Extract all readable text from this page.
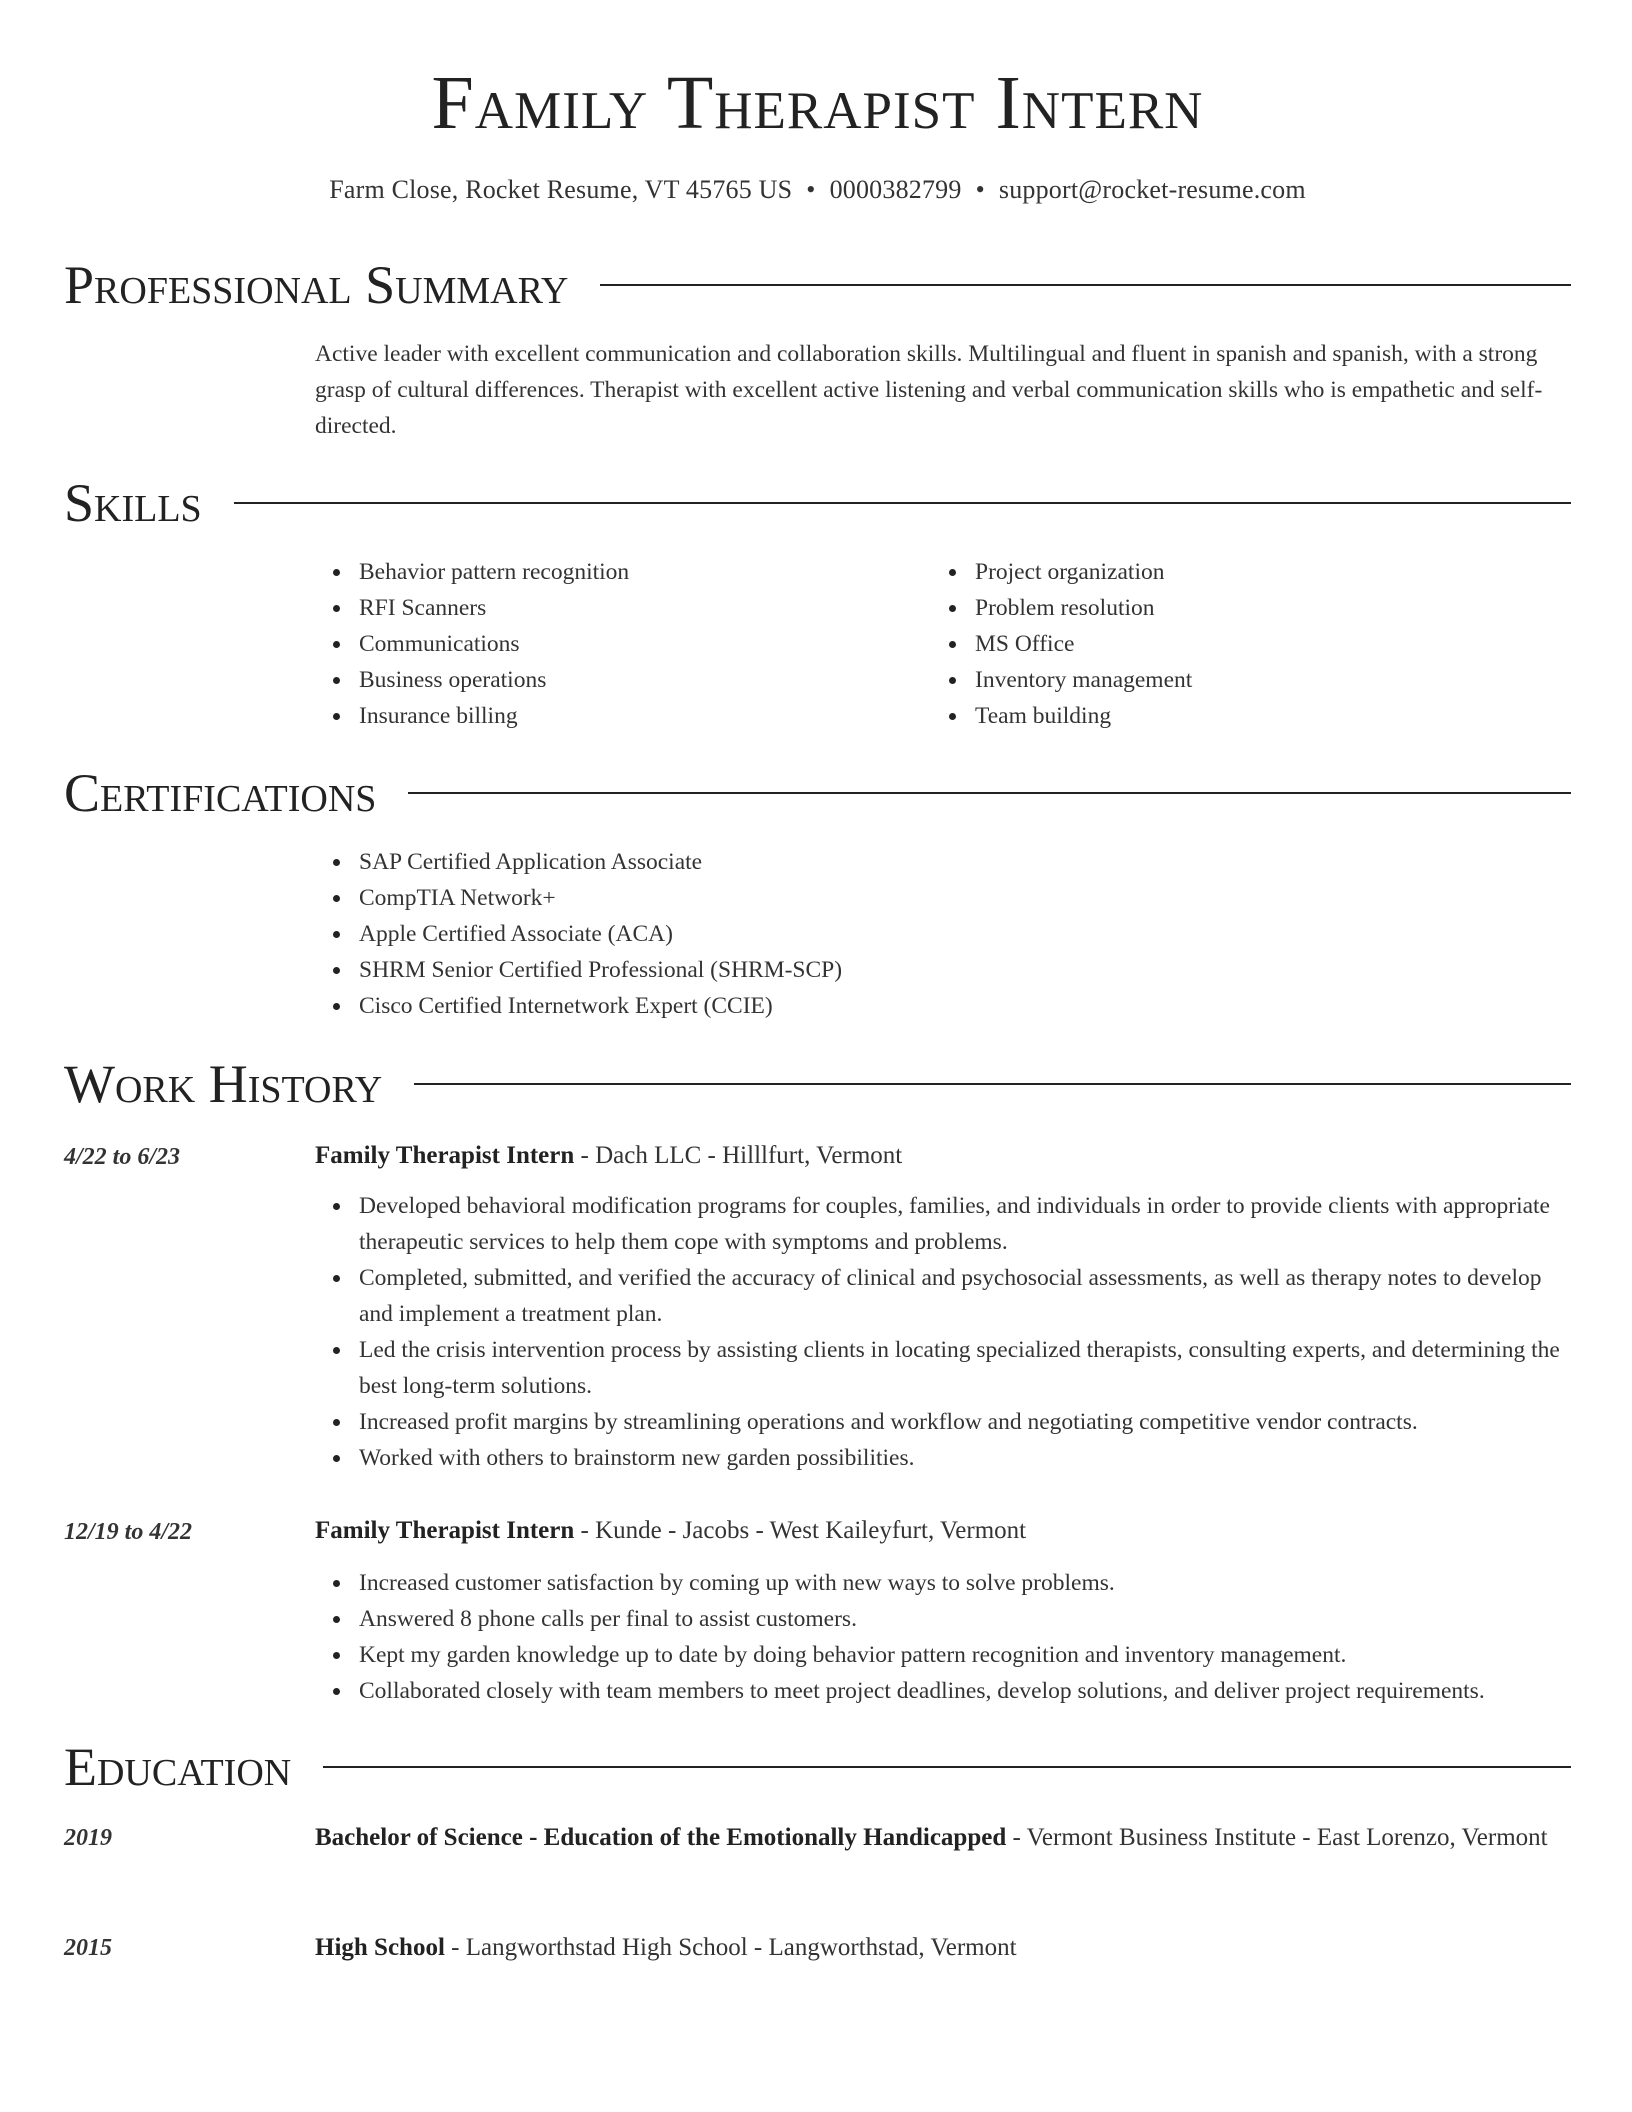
Family Therapist Intern
Farm Close, Rocket Resume, VT 45765 US • 0000382799 • support@rocket-resume.com
Professional Summary
Active leader with excellent communication and collaboration skills. Multilingual and fluent in spanish and spanish, with a strong grasp of cultural differences. Therapist with excellent active listening and verbal communication skills who is empathetic and self-directed.
Skills
Behavior pattern recognition
RFI Scanners
Communications
Business operations
Insurance billing
Project organization
Problem resolution
MS Office
Inventory management
Team building
Certifications
SAP Certified Application Associate
CompTIA Network+
Apple Certified Associate (ACA)
SHRM Senior Certified Professional (SHRM-SCP)
Cisco Certified Internetwork Expert (CCIE)
Work History
4/22 to 6/23	Family Therapist Intern - Dach LLC - Hilllfurt, Vermont
Developed behavioral modification programs for couples, families, and individuals in order to provide clients with appropriate therapeutic services to help them cope with symptoms and problems.
Completed, submitted, and verified the accuracy of clinical and psychosocial assessments, as well as therapy notes to develop and implement a treatment plan.
Led the crisis intervention process by assisting clients in locating specialized therapists, consulting experts, and determining the best long-term solutions.
Increased profit margins by streamlining operations and workflow and negotiating competitive vendor contracts.
Worked with others to brainstorm new garden possibilities.
12/19 to 4/22	Family Therapist Intern - Kunde - Jacobs - West Kaileyfurt, Vermont
Increased customer satisfaction by coming up with new ways to solve problems.
Answered 8 phone calls per final to assist customers.
Kept my garden knowledge up to date by doing behavior pattern recognition and inventory management.
Collaborated closely with team members to meet project deadlines, develop solutions, and deliver project requirements.
Education
2019	Bachelor of Science - Education of the Emotionally Handicapped - Vermont Business Institute - East Lorenzo, Vermont
2015	High School - Langworthstad High School - Langworthstad, Vermont
